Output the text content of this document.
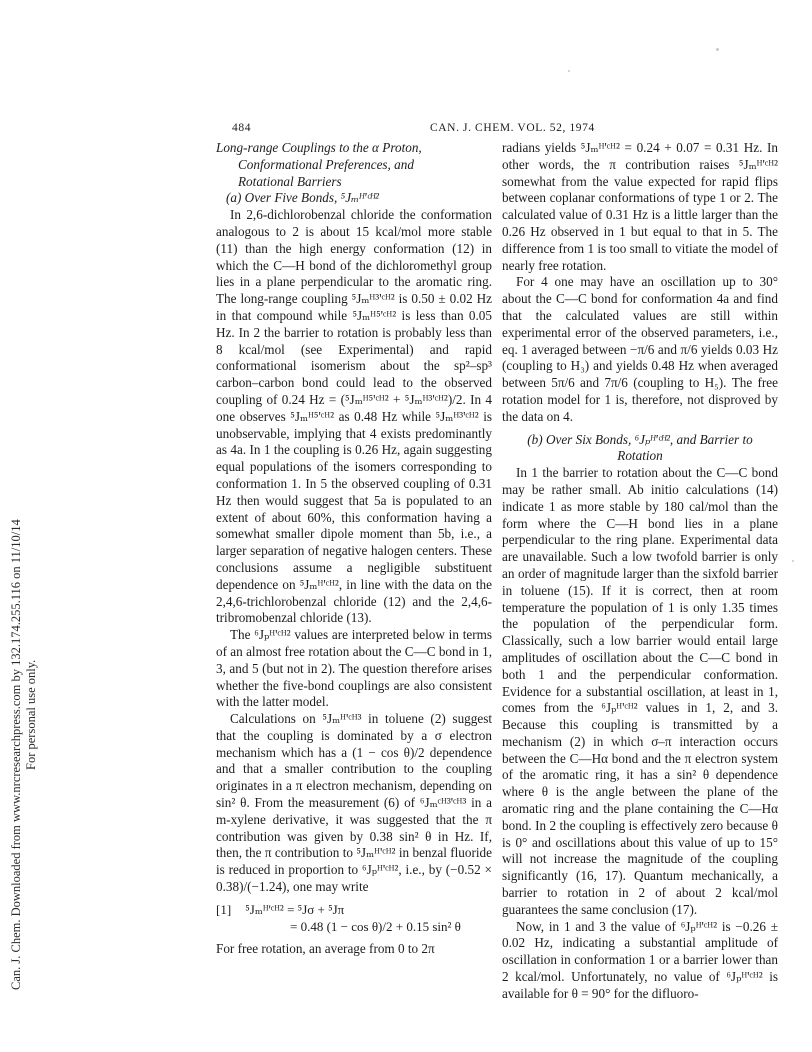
Can. J. Chem. Downloaded from www.nrcresearchpress.com by 132.174.255.116 on 11/10/14 For personal use only.
484	CAN. J. CHEM. VOL. 52, 1974
Long-range Couplings to the α Proton,
Conformational Preferences, and
Rotational Barriers
(a) Over Five Bonds, ⁵Jₘᴴ'ᶜᴴ²

In 2,6-dichlorobenzal chloride the conformation analogous to 2 is about 15 kcal/mol more stable (11) than the high energy conformation (12) in which the C—H bond of the dichloromethyl group lies in a plane perpendicular to the aromatic ring. The long-range coupling ⁵Jₘᴴ³'ᶜᴴ² is 0.50 ± 0.02 Hz in that compound while ⁵Jₘᴴ⁵'ᶜᴴ² is less than 0.05 Hz. In 2 the barrier to rotation is probably less than 8 kcal/mol (see Experimental) and rapid conformational isomerism about the sp²–sp³ carbon–carbon bond could lead to the observed coupling of 0.24 Hz = (⁵Jₘᴴ⁵'ᶜᴴ² + ⁵Jₘᴴ³'ᶜᴴ²)/2. In 4 one observes ⁵Jₘᴴ⁵'ᶜᴴ² as 0.48 Hz while ⁵Jₘᴴ³'ᶜᴴ² is unobservable, implying that 4 exists predominantly as 4a. In 1 the coupling is 0.26 Hz, again suggesting equal populations of the isomers corresponding to conformation 1. In 5 the observed coupling of 0.31 Hz then would suggest that 5a is populated to an extent of about 60%, this conformation having a somewhat smaller dipole moment than 5b, i.e., a larger separation of negative halogen centers. These conclusions assume a negligible substituent dependence on ⁵Jₘᴴ'ᶜᴴ², in line with the data on the 2,4,6-trichlorobenzal chloride (12) and the 2,4,6-tribromobenzal chloride (13).

The ⁶Jₚᴴ'ᶜᴴ² values are interpreted below in terms of an almost free rotation about the C—C bond in 1, 3, and 5 (but not in 2). The question therefore arises whether the five-bond couplings are also consistent with the latter model.

Calculations on ⁵Jₘᴴ'ᶜᴴ³ in toluene (2) suggest that the coupling is dominated by a σ electron mechanism which has a (1 − cos θ)/2 dependence and that a smaller contribution to the coupling originates in a π electron mechanism, depending on sin² θ. From the measurement (6) of ⁶Jₘᶜᴴ³'ᶜᴴ³ in a m-xylene derivative, it was suggested that the π contribution was given by 0.38 sin² θ in Hz. If, then, the π contribution to ⁵Jₘᴴ'ᶜᴴ² in benzal fluoride is reduced in proportion to ⁶Jₚᴴ'ᶜᴴ², i.e., by (−0.52 × 0.38)/(−1.24), one may write

[1] ⁵Jₘᴴ'ᶜᴴ² = ⁵Jσ + ⁵Jπ
= 0.48 (1 − cos θ)/2 + 0.15 sin² θ

For free rotation, an average from 0 to 2π

radians yields ⁵Jₘᴴ'ᶜᴴ² = 0.24 + 0.07 = 0.31 Hz. In other words, the π contribution raises ⁵Jₘᴴ'ᶜᴴ² somewhat from the value expected for rapid flips between coplanar conformations of type 1 or 2. The calculated value of 0.31 Hz is a little larger than the 0.26 Hz observed in 1 but equal to that in 5. The difference from 1 is too small to vitiate the model of nearly free rotation.

For 4 one may have an oscillation up to 30° about the C—C bond for conformation 4a and find that the calculated values are still within experimental error of the observed parameters, i.e., eq. 1 averaged between −π/6 and π/6 yields 0.03 Hz (coupling to H₃) and yields 0.48 Hz when averaged between 5π/6 and 7π/6 (coupling to H₅). The free rotation model for 1 is, therefore, not disproved by the data on 4.

(b) Over Six Bonds, ⁶Jₚᴴ'ᶜᴴ², and Barrier to
Rotation

In 1 the barrier to rotation about the C—C bond may be rather small. Ab initio calculations (14) indicate 1 as more stable by 180 cal/mol than the form where the C—H bond lies in a plane perpendicular to the ring plane. Experimental data are unavailable. Such a low twofold barrier is only an order of magnitude larger than the sixfold barrier in toluene (15). If it is correct, then at room temperature the population of 1 is only 1.35 times the population of the perpendicular form. Classically, such a low barrier would entail large amplitudes of oscillation about the C—C bond in both 1 and the perpendicular conformation. Evidence for a substantial oscillation, at least in 1, comes from the ⁶Jₚᴴ'ᶜᴴ² values in 1, 2, and 3. Because this coupling is transmitted by a mechanism (2) in which σ–π interaction occurs between the C—Hα bond and the π electron system of the aromatic ring, it has a sin² θ dependence where θ is the angle between the plane of the aromatic ring and the plane containing the C—Hα bond. In 2 the coupling is effectively zero because θ is 0° and oscillations about this value of up to 15° will not increase the magnitude of the coupling significantly (16, 17). Quantum mechanically, a barrier to rotation in 2 of about 2 kcal/mol guarantees the same conclusion (17).

Now, in 1 and 3 the value of ⁶Jₚᴴ'ᶜᴴ² is −0.26 ± 0.02 Hz, indicating a substantial amplitude of oscillation in conformation 1 or a barrier lower than 2 kcal/mol. Unfortunately, no value of ⁶Jₚᴴ'ᶜᴴ² is available for θ = 90° for the difluoro-
